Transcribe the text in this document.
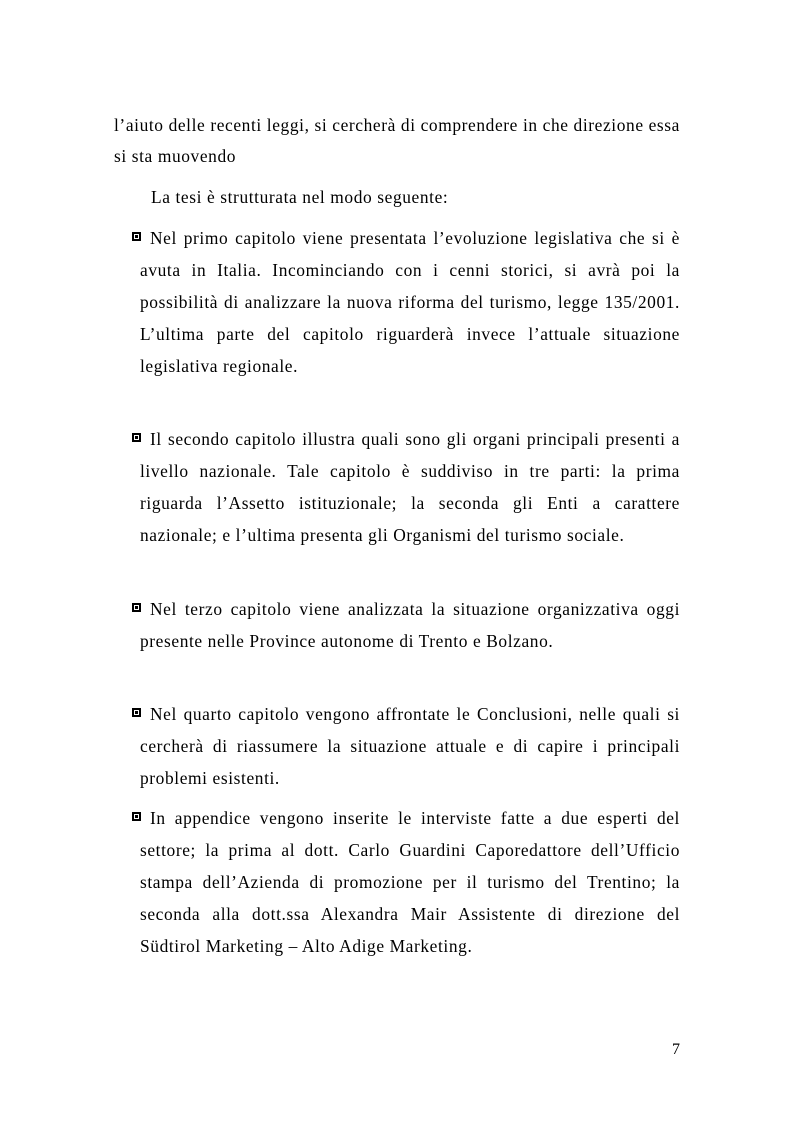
l’aiuto delle recenti leggi, si cercherà di comprendere in che direzione essa si sta muovendo

La tesi è strutturata nel modo seguente:

Nel primo capitolo viene presentata l’evoluzione legislativa che si è avuta in Italia. Incominciando con i cenni storici, si avrà poi la possibilità di analizzare la nuova riforma del turismo, legge 135/2001. L’ultima parte del capitolo riguarderà invece l’attuale situazione legislativa regionale.

Il secondo capitolo illustra quali sono gli organi principali presenti a livello nazionale. Tale capitolo è suddiviso in tre parti: la prima riguarda l’Assetto istituzionale; la seconda gli Enti a carattere nazionale; e l’ultima presenta gli Organismi del turismo sociale.

Nel terzo capitolo viene analizzata la situazione organizzativa oggi presente nelle Province autonome di Trento e Bolzano.

Nel quarto capitolo vengono affrontate le Conclusioni, nelle quali si cercherà di riassumere la situazione attuale e di capire i principali problemi esistenti.

In appendice vengono inserite le interviste fatte a due esperti del settore; la prima al dott. Carlo Guardini Caporedattore dell’Ufficio stampa dell’Azienda di promozione per il turismo del Trentino; la seconda alla dott.ssa Alexandra Mair Assistente di direzione del Südtirol Marketing – Alto Adige Marketing.

7
